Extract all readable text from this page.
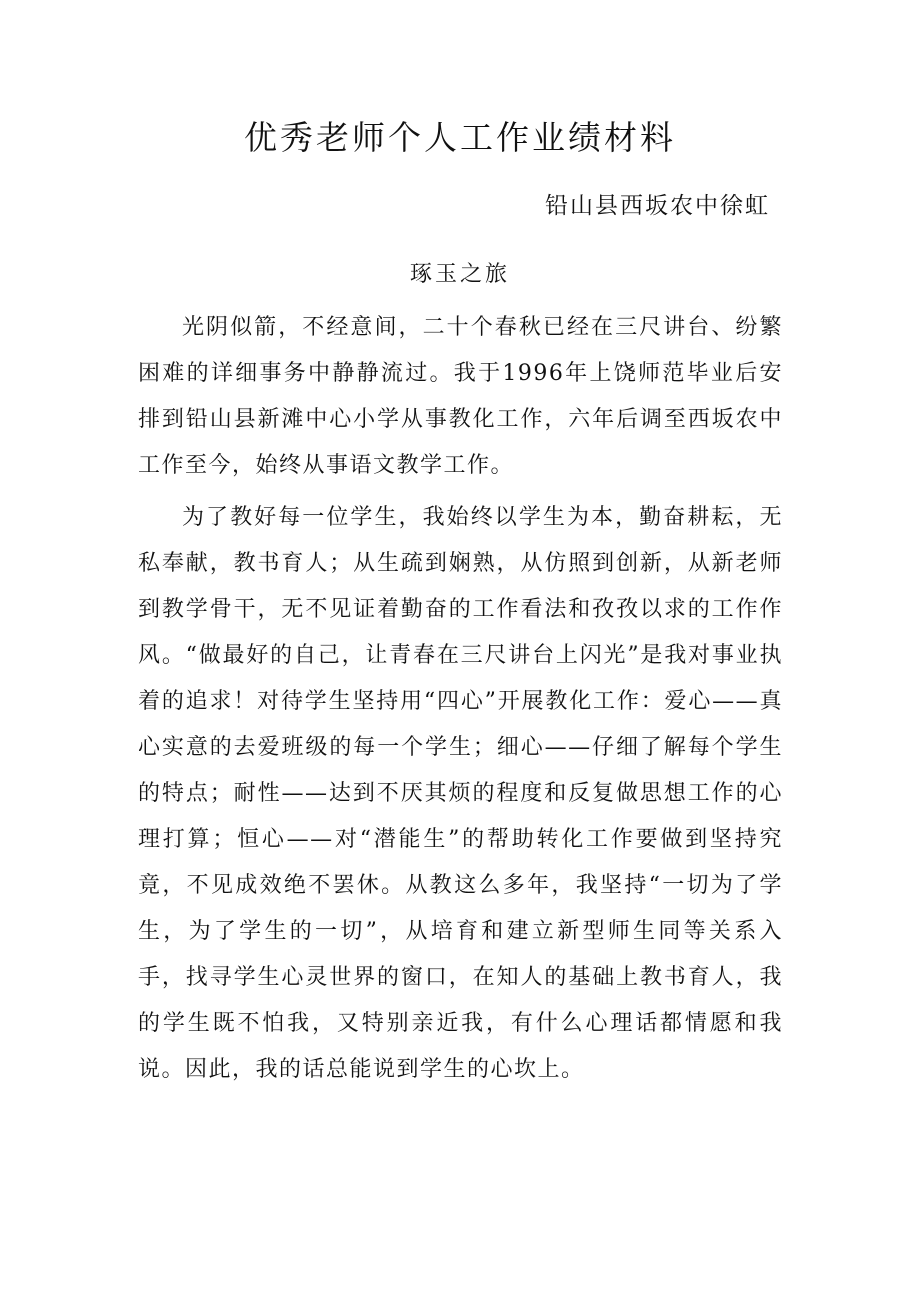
优秀老师个人工作业绩材料
铅山县西坂农中徐虹
琢玉之旅

光阴似箭，不经意间，二十个春秋已经在三尺讲台、纷繁困难的详细事务中静静流过。我于1996年上饶师范毕业后安排到铅山县新滩中心小学从事教化工作，六年后调至西坂农中工作至今，始终从事语文教学工作。

为了教好每一位学生，我始终以学生为本，勤奋耕耘，无私奉献，教书育人；从生疏到娴熟，从仿照到创新，从新老师到教学骨干，无不见证着勤奋的工作看法和孜孜以求的工作作风。“做最好的自己，让青春在三尺讲台上闪光”是我对事业执着的追求！对待学生坚持用“四心”开展教化工作：爱心——真心实意的去爱班级的每一个学生；细心——仔细了解每个学生的特点；耐性——达到不厌其烦的程度和反复做思想工作的心理打算；恒心——对“潜能生”的帮助转化工作要做到坚持究竟，不见成效绝不罢休。从教这么多年，我坚持“一切为了学生，为了学生的一切”，从培育和建立新型师生同等关系入手，找寻学生心灵世界的窗口，在知人的基础上教书育人，我的学生既不怕我，又特别亲近我，有什么心理话都情愿和我说。因此，我的话总能说到学生的心坎上。
